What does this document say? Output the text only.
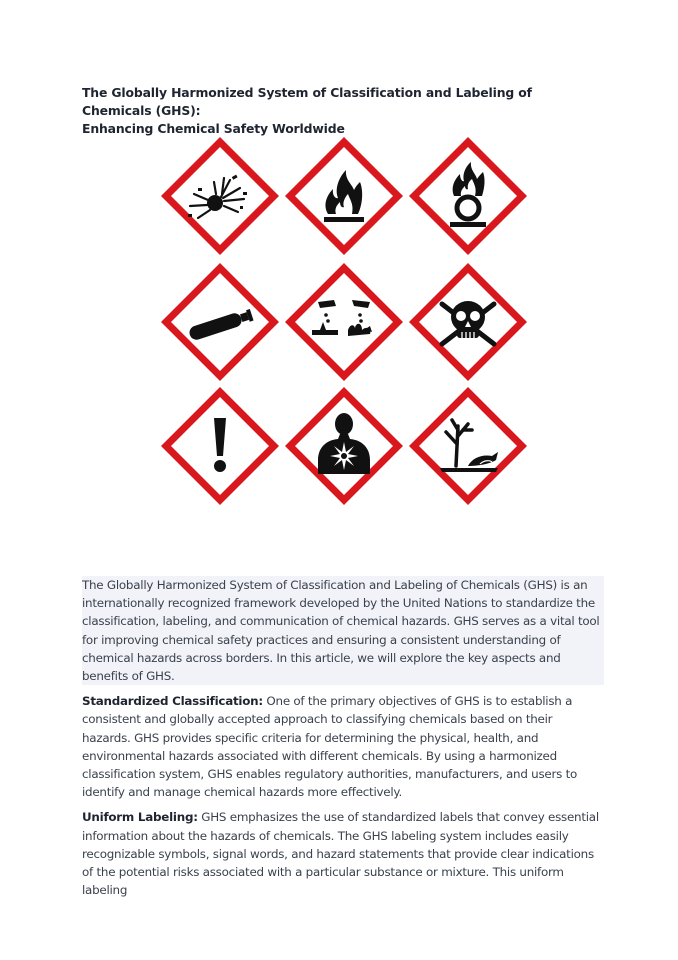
The Globally Harmonized System of Classification and Labeling of Chemicals (GHS):
Enhancing Chemical Safety Worldwide

The Globally Harmonized System of Classification and Labeling of Chemicals (GHS) is an internationally recognized framework developed by the United Nations to standardize the classification, labeling, and communication of chemical hazards. GHS serves as a vital tool for improving chemical safety practices and ensuring a consistent understanding of chemical hazards across borders. In this article, we will explore the key aspects and benefits of GHS.

Standardized Classification: One of the primary objectives of GHS is to establish a consistent and globally accepted approach to classifying chemicals based on their hazards. GHS provides specific criteria for determining the physical, health, and environmental hazards associated with different chemicals. By using a harmonized classification system, GHS enables regulatory authorities, manufacturers, and users to identify and manage chemical hazards more effectively.

Uniform Labeling: GHS emphasizes the use of standardized labels that convey essential information about the hazards of chemicals. The GHS labeling system includes easily recognizable symbols, signal words, and hazard statements that provide clear indications of the potential risks associated with a particular substance or mixture. This uniform labeling
